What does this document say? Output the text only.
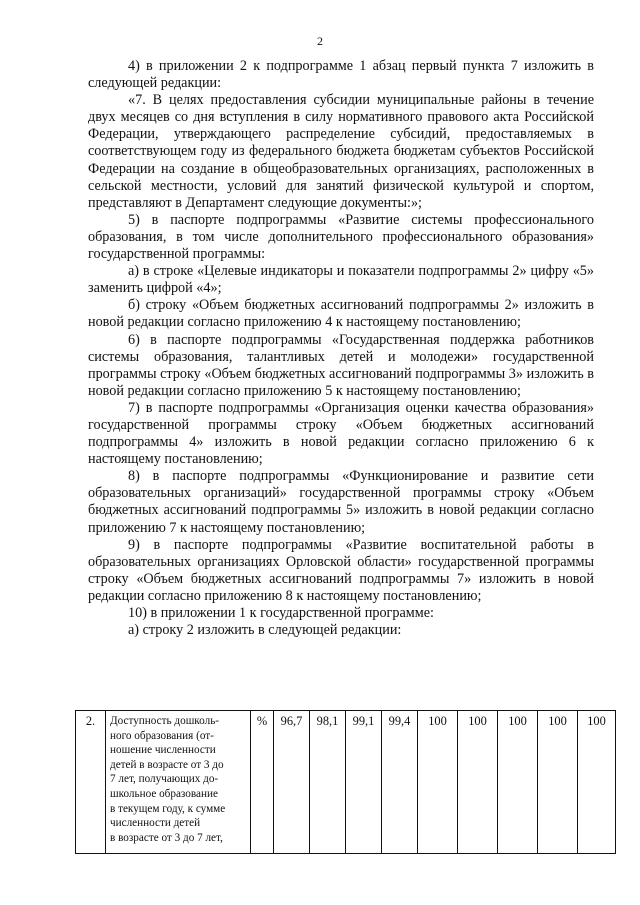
2

4) в приложении 2 к подпрограмме 1 абзац первый пункта 7 изложить в следующей редакции:

«7. В целях предоставления субсидии муниципальные районы в течение двух месяцев со дня вступления в силу нормативного правового акта Российской Федерации, утверждающего распределение субсидий, предоставляемых в соответствующем году из федерального бюджета бюджетам субъектов Российской Федерации на создание в общеобразовательных организациях, расположенных в сельской местности, условий для занятий физической культурой и спортом, представляют в Департамент следующие документы:»;

5) в паспорте подпрограммы «Развитие системы профессионального образования, в том числе дополнительного профессионального образования» государственной программы:

а) в строке «Целевые индикаторы и показатели подпрограммы 2» цифру «5» заменить цифрой «4»;

б) строку «Объем бюджетных ассигнований подпрограммы 2» изложить в новой редакции согласно приложению 4 к настоящему постановлению;

6) в паспорте подпрограммы «Государственная поддержка работников системы образования, талантливых детей и молодежи» государственной программы строку «Объем бюджетных ассигнований подпрограммы 3» изложить в новой редакции согласно приложению 5 к настоящему постановлению;

7) в паспорте подпрограммы «Организация оценки качества образования» государственной программы строку «Объем бюджетных ассигнований подпрограммы 4» изложить в новой редакции согласно приложению 6 к настоящему постановлению;

8) в паспорте подпрограммы «Функционирование и развитие сети образовательных организаций» государственной программы строку «Объем бюджетных ассигнований подпрограммы 5» изложить в новой редакции согласно приложению 7 к настоящему постановлению;

9) в паспорте подпрограммы «Развитие воспитательной работы в образовательных организациях Орловской области» государственной программы строку «Объем бюджетных ассигнований подпрограммы 7» изложить в новой редакции согласно приложению 8 к настоящему постановлению;

10) в приложении 1 к государственной программе:

а) строку 2 изложить в следующей редакции:

2.	Доступность дошколь-
ного образования (от-
ношение численности
детей в возрасте от 3 до
7 лет, получающих до-
школьное образование
в текущем году, к сумме
численности детей
в возрасте от 3 до 7 лет,
	%	96,7	98,1	99,1	99,4	100	100	100	100	100
